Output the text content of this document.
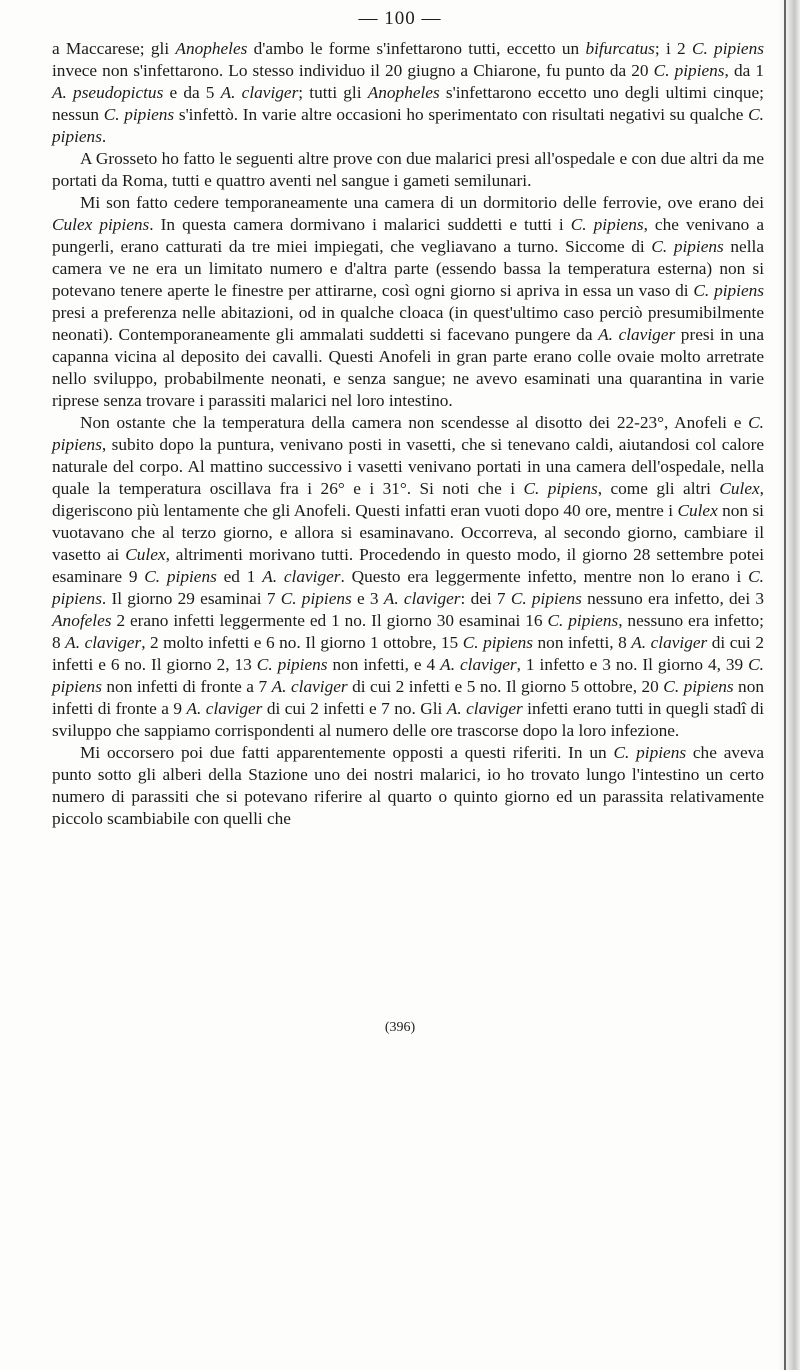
— 100 —

a Maccarese; gli Anopheles d'ambo le forme s'infettarono tutti, eccetto un bifurcatus; i 2 C. pipiens invece non s'infettarono. Lo stesso individuo il 20 giugno a Chiarone, fu punto da 20 C. pipiens, da 1 A. pseudopictus e da 5 A. claviger; tutti gli Anopheles s'infettarono eccetto uno degli ultimi cinque; nessun C. pipiens s'infettò. In varie altre occasioni ho sperimentato con risultati negativi su qualche C. pipiens.

A Grosseto ho fatto le seguenti altre prove con due malarici presi all'ospedale e con due altri da me portati da Roma, tutti e quattro aventi nel sangue i gameti semilunari.

Mi son fatto cedere temporaneamente una camera di un dormitorio delle ferrovie, ove erano dei Culex pipiens. In questa camera dormivano i malarici suddetti e tutti i C. pipiens, che venivano a pungerli, erano catturati da tre miei impiegati, che vegliavano a turno. Siccome di C. pipiens nella camera ve ne era un limitato numero e d'altra parte (essendo bassa la temperatura esterna) non si potevano tenere aperte le finestre per attirarne, così ogni giorno si apriva in essa un vaso di C. pipiens presi a preferenza nelle abitazioni, od in qualche cloaca (in quest'ultimo caso perciò presumibilmente neonati). Contemporaneamente gli ammalati suddetti si facevano pungere da A. claviger presi in una capanna vicina al deposito dei cavalli. Questi Anofeli in gran parte erano colle ovaie molto arretrate nello sviluppo, probabilmente neonati, e senza sangue; ne avevo esaminati una quarantina in varie riprese senza trovare i parassiti malarici nel loro intestino.

Non ostante che la temperatura della camera non scendesse al disotto dei 22-23°, Anofeli e C. pipiens, subito dopo la puntura, venivano posti in vasetti, che si tenevano caldi, aiutandosi col calore naturale del corpo. Al mattino successivo i vasetti venivano portati in una camera dell'ospedale, nella quale la temperatura oscillava fra i 26° e i 31°. Si noti che i C. pipiens, come gli altri Culex, digeriscono più lentamente che gli Anofeli. Questi infatti eran vuoti dopo 40 ore, mentre i Culex non si vuotavano che al terzo giorno, e allora si esaminavano. Occorreva, al secondo giorno, cambiare il vasetto ai Culex, altrimenti morivano tutti. Procedendo in questo modo, il giorno 28 settembre potei esaminare 9 C. pipiens ed 1 A. claviger. Questo era leggermente infetto, mentre non lo erano i C. pipiens. Il giorno 29 esaminai 7 C. pipiens e 3 A. claviger: dei 7 C. pipiens nessuno era infetto, dei 3 Anofeles 2 erano infetti leggermente ed 1 no. Il giorno 30 esaminai 16 C. pipiens, nessuno era infetto; 8 A. claviger, 2 molto infetti e 6 no. Il giorno 1 ottobre, 15 C. pipiens non infetti, 8 A. claviger di cui 2 infetti e 6 no. Il giorno 2, 13 C. pipiens non infetti, e 4 A. claviger, 1 infetto e 3 no. Il giorno 4, 39 C. pipiens non infetti di fronte a 7 A. claviger di cui 2 infetti e 5 no. Il giorno 5 ottobre, 20 C. pipiens non infetti di fronte a 9 A. claviger di cui 2 infetti e 7 no. Gli A. claviger infetti erano tutti in quegli stadî di sviluppo che sappiamo corrispondenti al numero delle ore trascorse dopo la loro infezione.

Mi occorsero poi due fatti apparentemente opposti a questi riferiti. In un C. pipiens che aveva punto sotto gli alberi della Stazione uno dei nostri malarici, io ho trovato lungo l'intestino un certo numero di parassiti che si potevano riferire al quarto o quinto giorno ed un parassita relativamente piccolo scambiabile con quelli che

(396)
